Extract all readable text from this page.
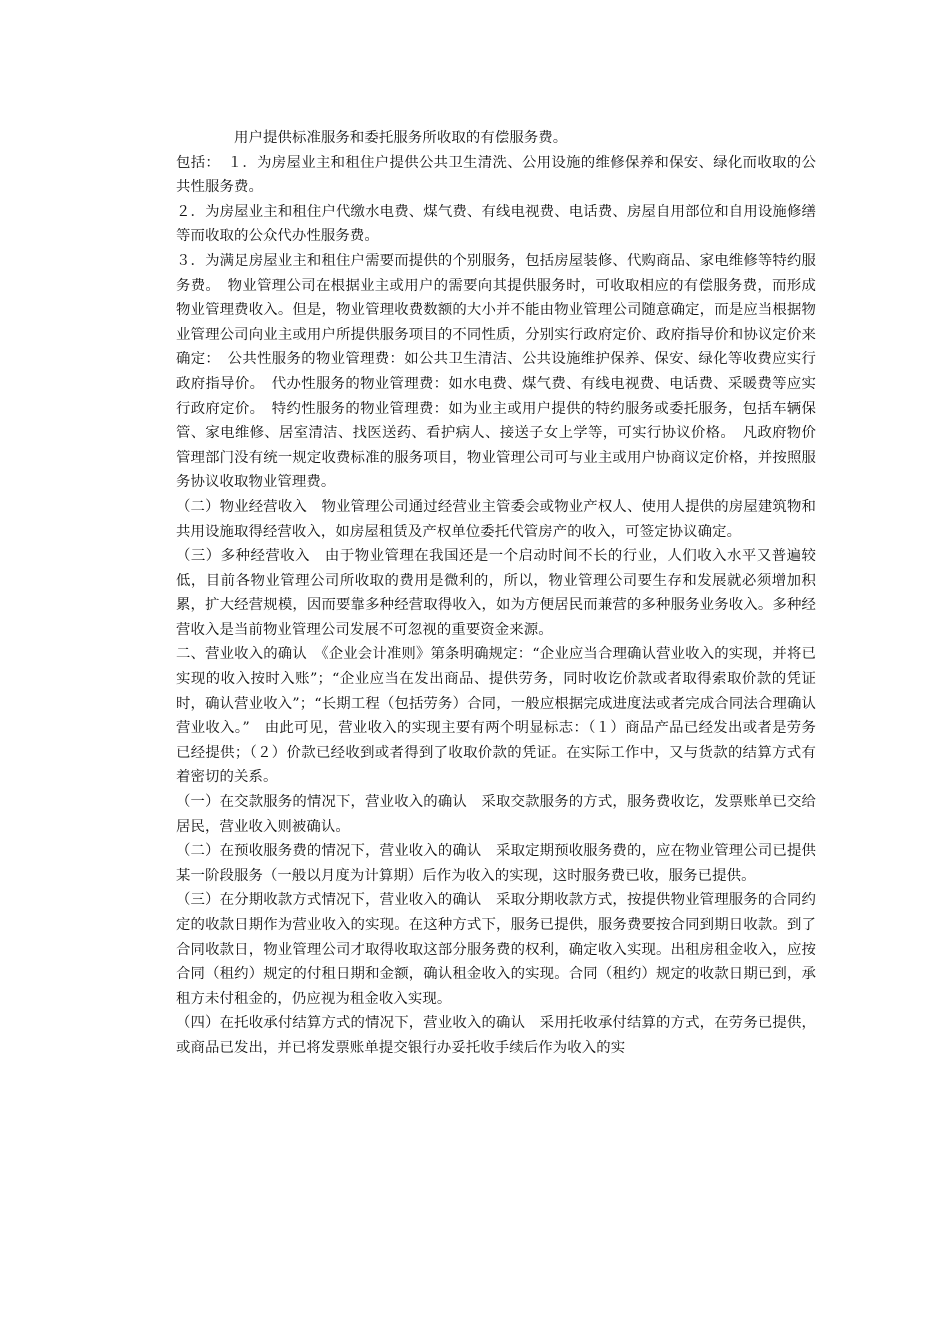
用户提供标准服务和委托服务所收取的有偿服务费。

包括：　１．为房屋业主和租住户提供公共卫生清洗、公用设施的维修保养和保安、绿化而收取的公共性服务费。

２．为房屋业主和租住户代缴水电费、煤气费、有线电视费、电话费、房屋自用部位和自用设施修缮等而收取的公众代办性服务费。

３．为满足房屋业主和租住户需要而提供的个别服务，包括房屋装修、代购商品、家电维修等特约服务费。　物业管理公司在根据业主或用户的需要向其提供服务时，可收取相应的有偿服务费，而形成物业管理费收入。但是，物业管理收费数额的大小并不能由物业管理公司随意确定，而是应当根据物业管理公司向业主或用户所提供服务项目的不同性质，分别实行政府定价、政府指导价和协议定价来确定：　公共性服务的物业管理费：如公共卫生清洁、公共设施维护保养、保安、绿化等收费应实行政府指导价。　代办性服务的物业管理费：如水电费、煤气费、有线电视费、电话费、采暖费等应实行政府定价。　特约性服务的物业管理费：如为业主或用户提供的特约服务或委托服务，包括车辆保管、家电维修、居室清洁、找医送药、看护病人、接送子女上学等，可实行协议价格。　凡政府物价管理部门没有统一规定收费标准的服务项目，物业管理公司可与业主或用户协商议定价格，并按照服务协议收取物业管理费。

（二）物业经营收入　物业管理公司通过经营业主管委会或物业产权人、使用人提供的房屋建筑物和共用设施取得经营收入，如房屋租赁及产权单位委托代管房产的收入，可签定协议确定。

（三）多种经营收入　由于物业管理在我国还是一个启动时间不长的行业，人们收入水平又普遍较低，目前各物业管理公司所收取的费用是微利的，所以，物业管理公司要生存和发展就必须增加积累，扩大经营规模，因而要靠多种经营取得收入，如为方便居民而兼营的多种服务业务收入。多种经营收入是当前物业管理公司发展不可忽视的重要资金来源。

二、营业收入的确认　《企业会计准则》第条明确规定：“企业应当合理确认营业收入的实现，并将已实现的收入按时入账”；“企业应当在发出商品、提供劳务，同时收讫价款或者取得索取价款的凭证时，确认营业收入”；“长期工程（包括劳务）合同，一般应根据完成进度法或者完成合同法合理确认营业收入。”　由此可见，营业收入的实现主要有两个明显标志：（１）商品产品已经发出或者是劳务已经提供；（２）价款已经收到或者得到了收取价款的凭证。在实际工作中，又与货款的结算方式有着密切的关系。

（一）在交款服务的情况下，营业收入的确认　采取交款服务的方式，服务费收讫，发票账单已交给居民，营业收入则被确认。

（二）在预收服务费的情况下，营业收入的确认　采取定期预收服务费的，应在物业管理公司已提供某一阶段服务（一般以月度为计算期）后作为收入的实现，这时服务费已收，服务已提供。

（三）在分期收款方式情况下，营业收入的确认　采取分期收款方式，按提供物业管理服务的合同约定的收款日期作为营业收入的实现。在这种方式下，服务已提供，服务费要按合同到期日收款。到了合同收款日，物业管理公司才取得收取这部分服务费的权利，确定收入实现。出租房租金收入，应按合同（租约）规定的付租日期和金额，确认租金收入的实现。合同（租约）规定的收款日期已到，承租方未付租金的，仍应视为租金收入实现。

（四）在托收承付结算方式的情况下，营业收入的确认　采用托收承付结算的方式，在劳务已提供，或商品已发出，并已将发票账单提交银行办妥托收手续后作为收入的实
